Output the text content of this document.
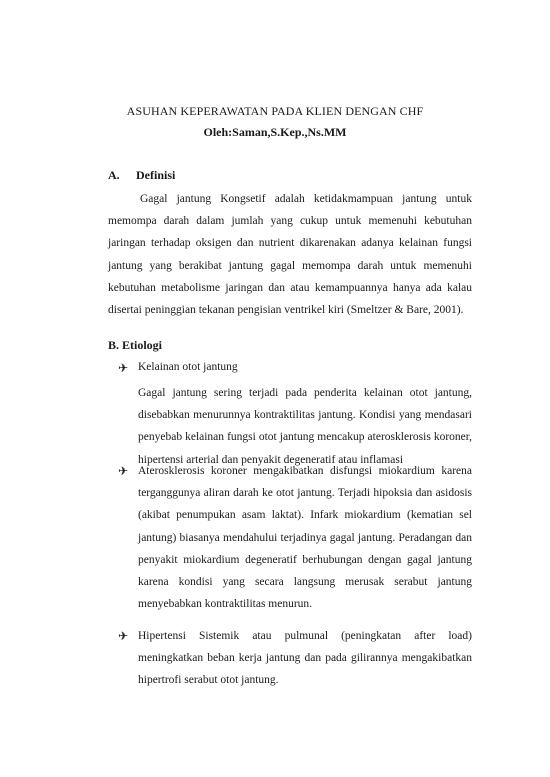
ASUHAN KEPERAWATAN PADA KLIEN DENGAN CHF
Oleh:Saman,S.Kep.,Ns.MM
A. Definisi

Gagal jantung Kongsetif adalah ketidakmampuan jantung untuk memompa darah dalam jumlah yang cukup untuk memenuhi kebutuhan jaringan terhadap oksigen dan nutrient dikarenakan adanya kelainan fungsi jantung yang berakibat jantung gagal memompa darah untuk memenuhi kebutuhan metabolisme jaringan dan atau kemampuannya hanya ada kalau disertai peninggian tekanan pengisian ventrikel kiri (Smeltzer & Bare, 2001).

B. Etiologi
✈ Kelainan otot jantung

Gagal jantung sering terjadi pada penderita kelainan otot jantung, disebabkan menurunnya kontraktilitas jantung. Kondisi yang mendasari penyebab kelainan fungsi otot jantung mencakup aterosklerosis koroner, hipertensi arterial dan penyakit degeneratif atau inflamasi

✈ Aterosklerosis koroner mengakibatkan disfungsi miokardium karena terganggunya aliran darah ke otot jantung. Terjadi hipoksia dan asidosis (akibat penumpukan asam laktat). Infark miokardium (kematian sel jantung) biasanya mendahului terjadinya gagal jantung. Peradangan dan penyakit miokardium degeneratif berhubungan dengan gagal jantung karena kondisi yang secara langsung merusak serabut jantung menyebabkan kontraktilitas menurun.

✈ Hipertensi Sistemik atau pulmunal (peningkatan after load) meningkatkan beban kerja jantung dan pada gilirannya mengakibatkan hipertrofi serabut otot jantung.
